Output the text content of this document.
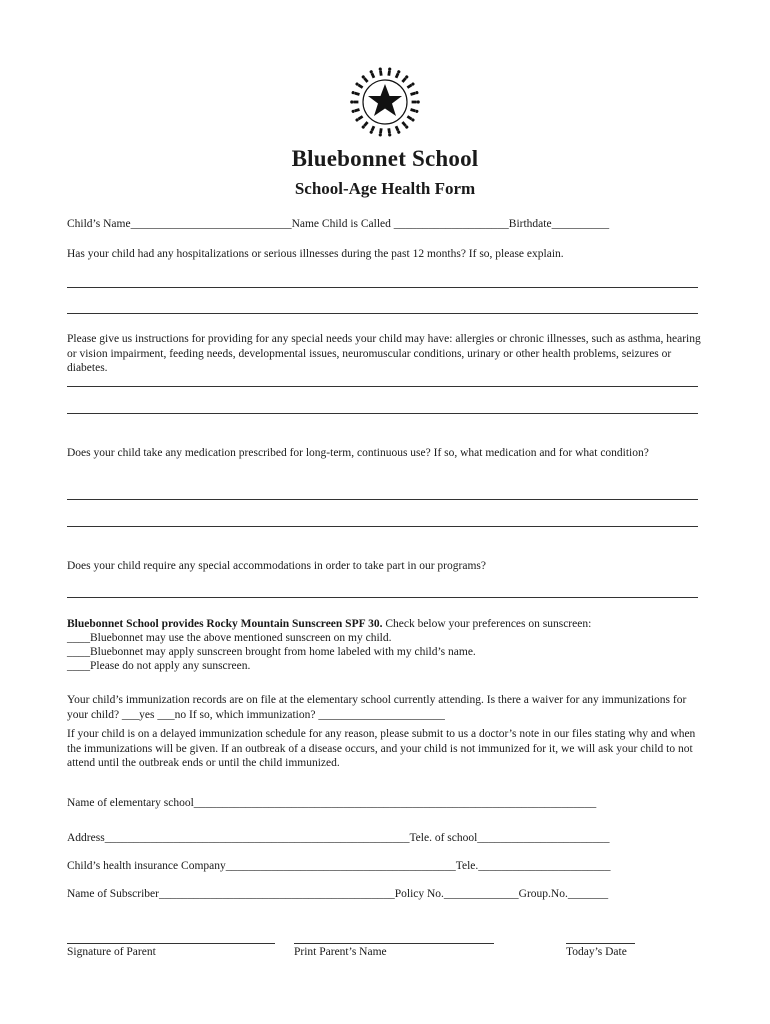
Bluebonnet School
School-Age Health Form
Child’s Name____________________________Name Child is Called ____________________Birthdate__________
Has your child had any hospitalizations or serious illnesses during the past 12 months? If so, please explain.
Please give us instructions for providing for any special needs your child may have: allergies or chronic illnesses, such as asthma, hearing or vision impairment, feeding needs, developmental issues, neuromuscular conditions, urinary or other health problems, seizures or diabetes.
Does your child take any medication prescribed for long-term, continuous use? If so, what medication and for what condition?
Does your child require any special accommodations in order to take part in our programs?
Bluebonnet School provides Rocky Mountain Sunscreen SPF 30. Check below your preferences on sunscreen:
____Bluebonnet may use the above mentioned sunscreen on my child.
____Bluebonnet may apply sunscreen brought from home labeled with my child’s name.
____Please do not apply any sunscreen.
Your child’s immunization records are on file at the elementary school currently attending. Is there a waiver for any immunizations for your child? ___yes ___no If so, which immunization? ______________________
If your child is on a delayed immunization schedule for any reason, please submit to us a doctor’s note in our files stating why and when the immunizations will be given. If an outbreak of a disease occurs, and your child is not immunized for it, we will ask your child to not attend until the outbreak ends or until the child immunized.
Name of elementary school______________________________________________________________________
Address_____________________________________________________Tele. of school_______________________
Child’s health insurance Company________________________________________Tele._______________________
Name of Subscriber_________________________________________Policy No._____________Group.No._______
Signature of Parent	Print Parent’s Name	Today’s Date
